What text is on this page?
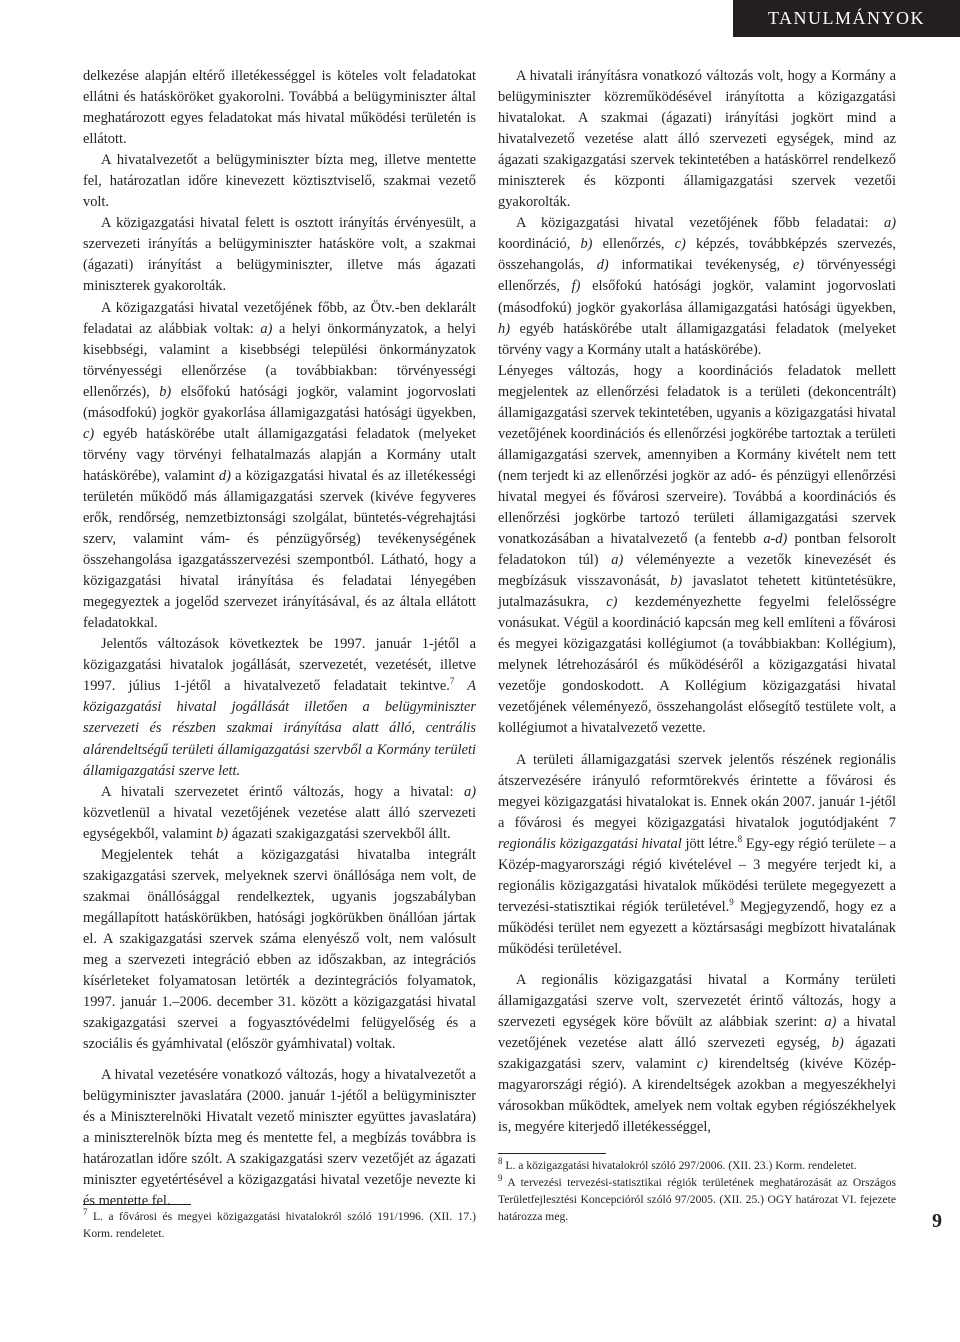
TANULMÁNYOK

delkezése alapján eltérő illetékességgel is köteles volt feladatokat ellátni és hatásköröket gyakorolni. Továbbá a belügyminiszter által meghatározott egyes feladatokat más hivatal működési területén is ellátott.

A hivatalvezetőt a belügyminiszter bízta meg, illetve mentette fel, határozatlan időre kinevezett köztisztviselő, szakmai vezető volt.

A közigazgatási hivatal felett is osztott irányítás érvényesült, a szervezeti irányítás a belügyminiszter hatásköre volt, a szakmai (ágazati) irányítást a belügyminiszter, illetve más ágazati miniszterek gyakorolták.

A közigazgatási hivatal vezetőjének főbb, az Ötv.-ben deklarált feladatai az alábbiak voltak: a) a helyi önkormányzatok, a helyi kisebbségi, valamint a kisebbségi települési önkormányzatok törvényességi ellenőrzése (a továbbiakban: törvényességi ellenőrzés), b) elsőfokú hatósági jogkör, valamint jogorvoslati (másodfokú) jogkör gyakorlása államigazgatási hatósági ügyekben, c) egyéb hatáskörébe utalt államigazgatási feladatok (melyeket törvény vagy törvényi felhatalmazás alapján a Kormány utalt hatáskörébe), valamint d) a közigazgatási hivatal és az illetékességi területén működő más államigazgatási szervek (kivéve fegyveres erők, rendőrség, nemzetbiztonsági szolgálat, büntetés-végrehajtási szerv, valamint vám- és pénzügyőrség) tevékenységének összehangolása igazgatásszervezési szempontból. Látható, hogy a közigazgatási hivatal irányítása és feladatai lényegében megegyeztek a jogelőd szervezet irányításával, és az általa ellátott feladatokkal.

Jelentős változások következtek be 1997. január 1-jétől a közigazgatási hivatalok jogállását, szervezetét, vezetését, illetve 1997. július 1-jétől a hivatalvezető feladatait tekintve.$^7$ A közigazgatási hivatal jogállását illetően a belügyminiszter szervezeti és részben szakmai irányítása alatt álló, centrális alárendeltségű területi államigazgatási szervből a Kormány területi államigazgatási szerve lett.

A hivatali szervezetet érintő változás, hogy a hivatal: a) közvetlenül a hivatal vezetőjének vezetése alatt álló szervezeti egységekből, valamint b) ágazati szakigazgatási szervekből állt.

Megjelentek tehát a közigazgatási hivatalba integrált szakigazgatási szervek, melyeknek szervi önállósága nem volt, de szakmai önállósággal rendelkeztek, ugyanis jogszabályban megállapított hatáskörükben, hatósági jogkörükben önállóan jártak el. A szakigazgatási szervek száma elenyésző volt, nem valósult meg a szervezeti integráció ebben az időszakban, az integrációs kísérleteket folyamatosan letörték a dezintegrációs folyamatok, 1997. január 1.–2006. december 31. között a közigazgatási hivatal szakigazgatási szervei a fogyasztóvédelmi felügyelőség és a szociális és gyámhivatal (először gyámhivatal) voltak.

A hivatal vezetésére vonatkozó változás, hogy a hivatalvezetőt a belügyminiszter javaslatára (2000. január 1-jétől a belügyminiszter és a Miniszterelnöki Hivatalt vezető miniszter együttes javaslatára) a miniszterelnök bízta meg és mentette fel, a megbízás továbbra is határozatlan időre szólt. A szakigazgatási szerv vezetőjét az ágazati miniszter egyetértésével a közigazgatási hivatal vezetője nevezte ki és mentette fel.

A hivatali irányításra vonatkozó változás volt, hogy a Kormány a belügyminiszter közreműködésével irányította a közigazgatási hivatalokat. A szakmai (ágazati) irányítási jogkört mind a hivatalvezető vezetése alatt álló szervezeti egységek, mind az ágazati szakigazgatási szervek tekintetében a hatáskörrel rendelkező miniszterek és központi államigazgatási szervek vezetői gyakorolták.

A közigazgatási hivatal vezetőjének főbb feladatai: a) koordináció, b) ellenőrzés, c) képzés, továbbképzés szervezés, összehangolás, d) informatikai tevékenység, e) törvényességi ellenőrzés, f) elsőfokú hatósági jogkör, valamint jogorvoslati (másodfokú) jogkör gyakorlása államigazgatási hatósági ügyekben, h) egyéb hatáskörébe utalt államigazgatási feladatok (melyeket törvény vagy a Kormány utalt a hatáskörébe).

Lényeges változás, hogy a koordinációs feladatok mellett megjelentek az ellenőrzési feladatok is a területi (dekoncentrált) államigazgatási szervek tekintetében, ugyanis a közigazgatási hivatal vezetőjének koordinációs és ellenőrzési jogkörébe tartoztak a területi államigazgatási szervek, amennyiben a Kormány kivételt nem tett (nem terjedt ki az ellenőrzési jogkör az adó- és pénzügyi ellenőrzési hivatal megyei és fővárosi szerveire). Továbbá a koordinációs és ellenőrzési jogkörbe tartozó területi államigazgatási szervek vonatkozásában a hivatalvezető (a fentebb a-d) pontban felsorolt feladatokon túl) a) véleményezte a vezetők kinevezését és megbízásuk visszavonását, b) javaslatot tehetett kitüntetésükre, jutalmazásukra, c) kezdeményezhette fegyelmi felelősségre vonásukat. Végül a koordináció kapcsán meg kell említeni a fővárosi és megyei közigazgatási kollégiumot (a továbbiakban: Kollégium), melynek létrehozásáról és működéséről a közigazgatási hivatal vezetője gondoskodott. A Kollégium közigazgatási hivatal vezetőjének véleményező, összehangolást elősegítő testülete volt, a kollégiumot a hivatalvezető vezette.

A területi államigazgatási szervek jelentős részének regionális átszervezésére irányuló reformtörekvés érintette a fővárosi és megyei közigazgatási hivatalokat is. Ennek okán 2007. január 1-jétől a fővárosi és megyei közigazgatási hivatalok jogutódjaként 7 regionális közigazgatási hivatal jött létre.$^8$ Egy-egy régió területe – a Közép-magyarországi régió kivételével – 3 megyére terjedt ki, a regionális közigazgatási hivatalok működési területe megegyezett a tervezési-statisztikai régiók területével.$^9$ Megjegyzendő, hogy ez a működési terület nem egyezett a köztársasági megbízott hivatalának működési területével.

A regionális közigazgatási hivatal a Kormány területi államigazgatási szerve volt, szervezetét érintő változás, hogy a szervezeti egységek köre bővült az alábbiak szerint: a) a hivatal vezetőjének vezetése alatt álló szervezeti egység, b) ágazati szakigazgatási szerv, valamint c) kirendeltség (kivéve Közép-magyarországi régió). A kirendeltségek azokban a megyeszékhelyi városokban működtek, amelyek nem voltak egyben régiószékhelyek is, megyére kiterjedő illetékességgel,

$^7$ L. a fővárosi és megyei közigazgatási hivatalokról szóló 191/1996. (XII. 17.) Korm. rendeletet.

$^8$ L. a közigazgatási hivatalokról szóló 297/2006. (XII. 23.) Korm. rendeletet.

$^9$ A tervezési tervezési-statisztikai régiók területének meghatározását az Országos Területfejlesztési Koncepcióról szóló 97/2005. (XII. 25.) OGY határozat VI. fejezete határozza meg.	9
